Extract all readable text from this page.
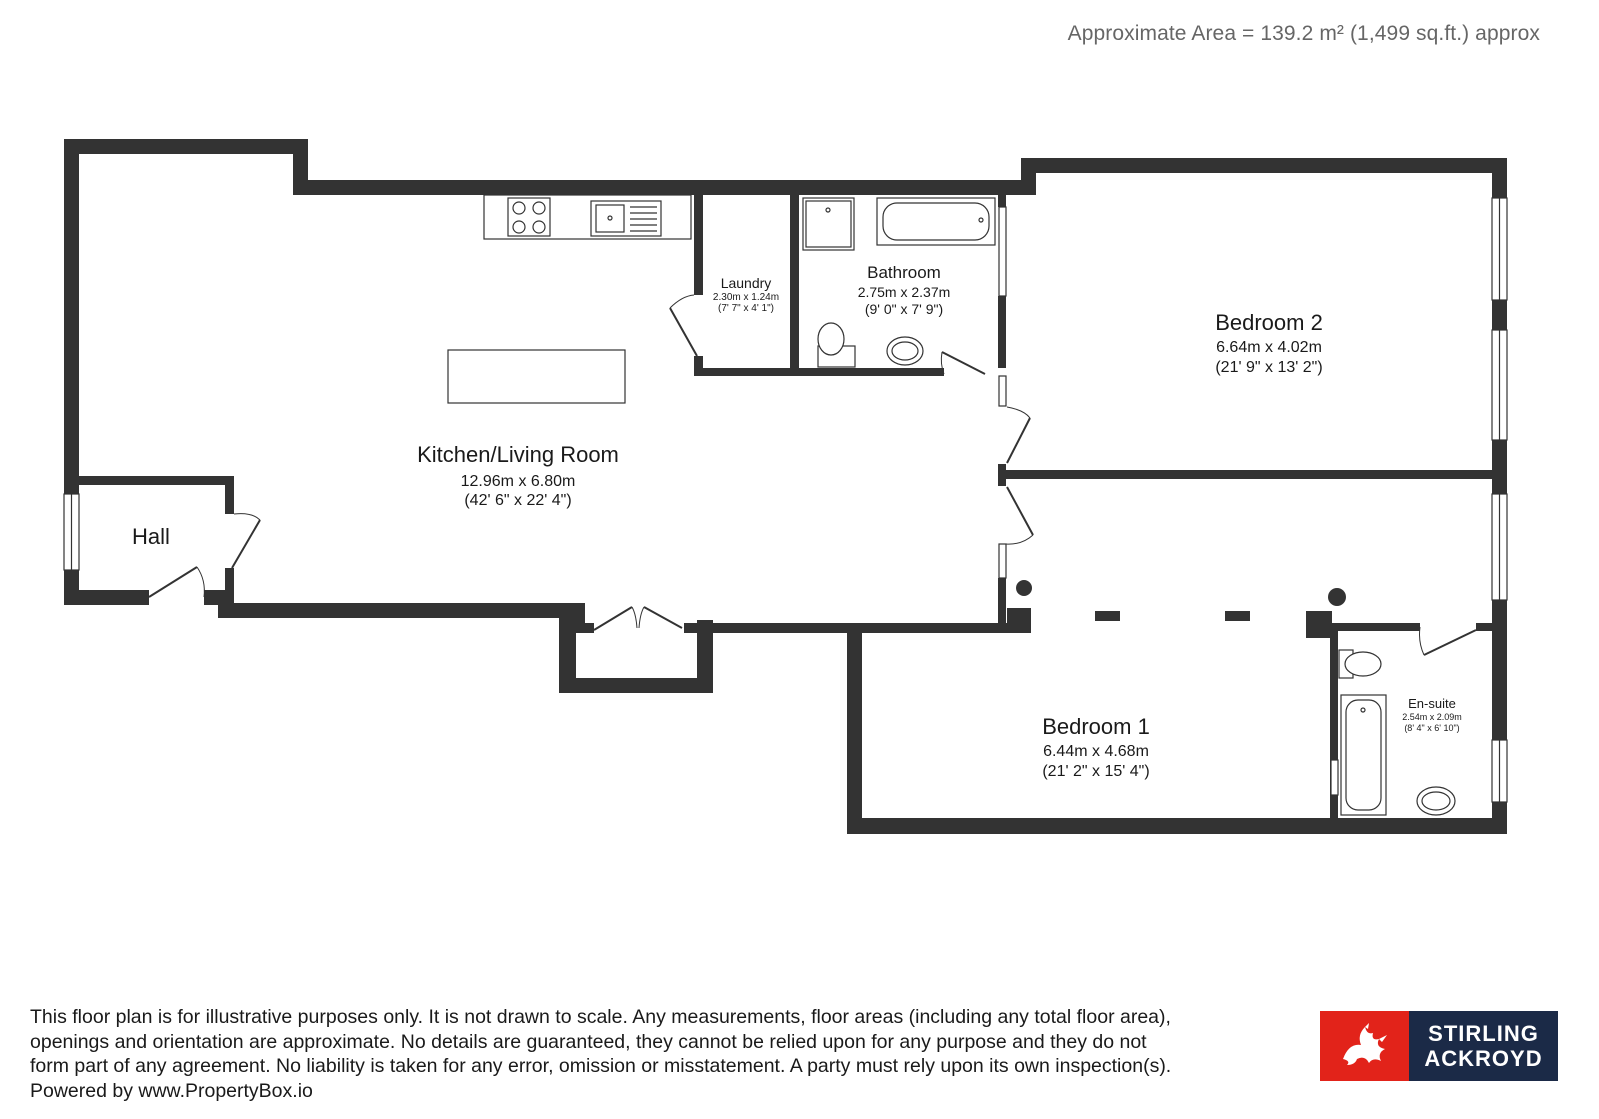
Approximate Area = 139.2 m² (1,499 sq.ft.) approx
Kitchen/Living Room
12.96m x 6.80m
(42' 6" x 22' 4")
Laundry
2.30m x 1.24m
(7' 7" x 4' 1")
Bathroom
2.75m x 2.37m
(9' 0" x 7' 9")
Bedroom 2
6.64m x 4.02m
(21' 9" x 13' 2")
Hall
Bedroom 1
6.44m x 4.68m
(21' 2" x 15' 4")
En-suite
2.54m x 2.09m
(8' 4" x 6' 10")
This floor plan is for illustrative purposes only. It is not drawn to scale. Any measurements, floor areas (including any total floor area),
openings and orientation are approximate. No details are guaranteed, they cannot be relied upon for any purpose and they do not
form part of any agreement. No liability is taken for any error, omission or misstatement. A party must rely upon its own inspection(s).
Powered by www.PropertyBox.io
STIRLING
ACKROYD
